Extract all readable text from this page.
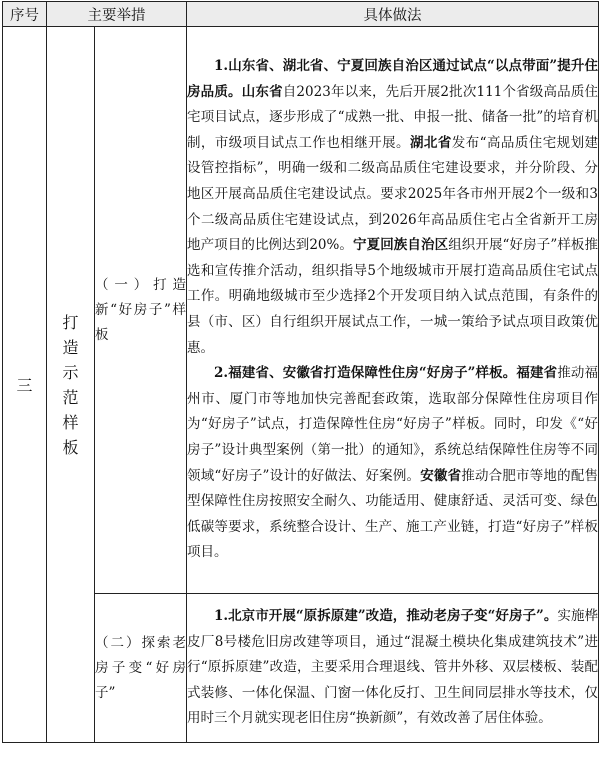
序号	主要举措		具体做法
三	打造示范样板	（一）打造新“好房子”样板	1.山东省、湖北省、宁夏回族自治区通过试点“以点带面”提升住房品质。山东省自2023年以来，先后开展2批次111个省级高品质住宅项目试点，逐步形成了“成熟一批、申报一批、储备一批”的培育机制，市级项目试点工作也相继开展。湖北省发布“高品质住宅规划建设管控指标”，明确一级和二级高品质住宅建设要求，并分阶段、分地区开展高品质住宅建设试点。要求2025年各市州开展2个一级和3个二级高品质住宅建设试点，到2026年高品质住宅占全省新开工房地产项目的比例达到20%。宁夏回族自治区组织开展“好房子”样板推选和宣传推介活动，组织指导5个地级城市开展打造高品质住宅试点工作。明确地级城市至少选择2个开发项目纳入试点范围，有条件的县（市、区）自行组织开展试点工作，一城一策给予试点项目政策优惠。

2.福建省、安徽省打造保障性住房“好房子”样板。福建省推动福州市、厦门市等地加快完善配套政策，选取部分保障性住房项目作为“好房子”试点，打造保障性住房“好房子”样板。同时，印发《“好房子”设计典型案例（第一批）的通知》，系统总结保障性住房等不同领域“好房子”设计的好做法、好案例。安徽省推动合肥市等地的配售型保障性住房按照安全耐久、功能适用、健康舒适、灵活可变、绿色低碳等要求，系统整合设计、生产、施工产业链，打造“好房子”样板项目。

		（二）探索老房子变“好房子”	1.北京市开展“原拆原建”改造，推动老房子变“好房子”。实施桦皮厂8号楼危旧房改建等项目，通过“混凝土模块化集成建筑技术”进行“原拆原建”改造，主要采用合理退线、管井外移、双层楼板、装配式装修、一体化保温、门窗一体化反打、卫生间同层排水等技术，仅用时三个月就实现老旧住房“换新颜”，有效改善了居住体验。
